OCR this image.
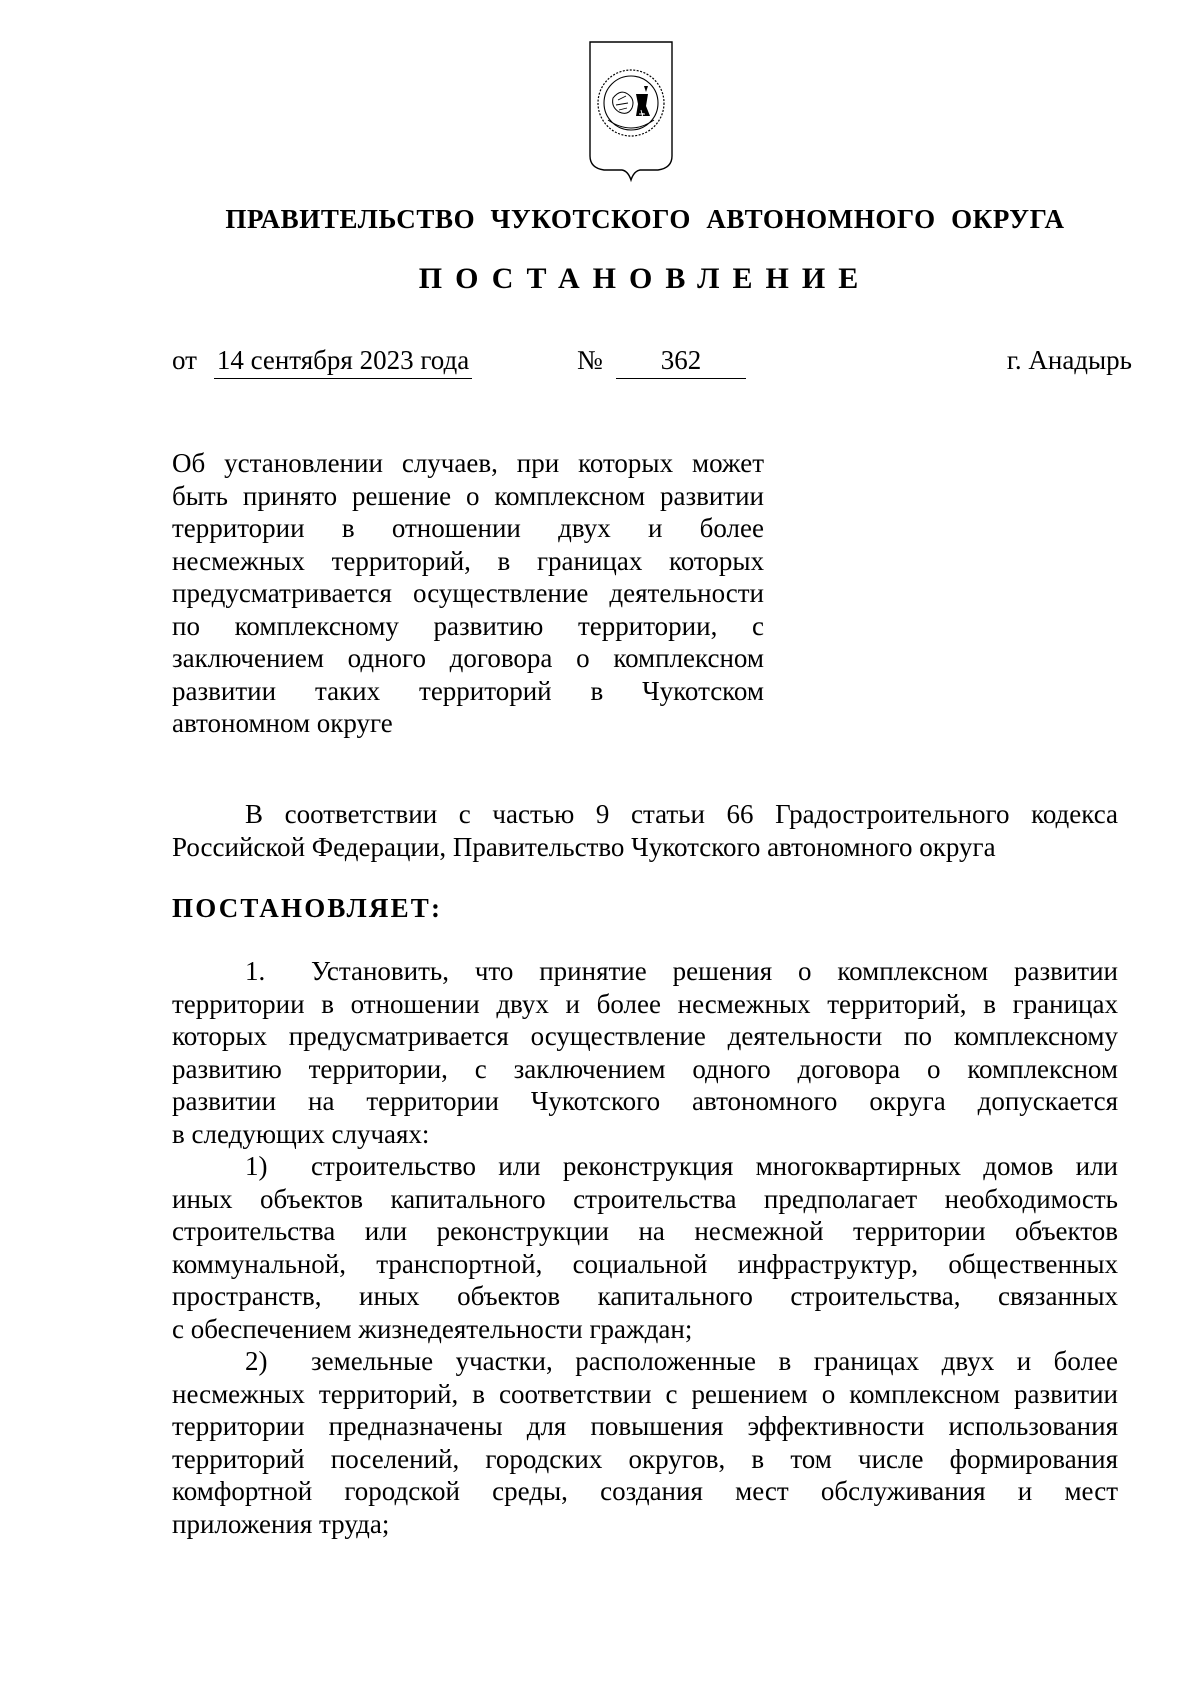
ПРАВИТЕЛЬСТВО ЧУКОТСКОГО АВТОНОМНОГО ОКРУГА
ПОСТАНОВЛЕНИЕ
от 14 сентября 2023 года	№	362	г. Анадырь
Об установлении случаев, при которых может
быть принято решение о комплексном развитии
территории в отношении двух и более
несмежных территорий, в границах которых
предусматривается осуществление деятельности
по комплексному развитию территории, с
заключением одного договора о комплексном
развитии таких территорий в Чукотском
автономном округе
В соответствии с частью 9 статьи 66 Градостроительного кодекса Российской Федерации, Правительство Чукотского автономного округа
ПОСТАНОВЛЯЕТ:
1. Установить, что принятие решения о комплексном развитии
территории в отношении двух и более несмежных территорий, в границах
которых предусматривается осуществление деятельности по комплексному
развитию территории, с заключением одного договора о комплексном
развитии на территории Чукотского автономного округа допускается
в следующих случаях:
1) строительство или реконструкция многоквартирных домов или
иных объектов капитального строительства предполагает необходимость
строительства или реконструкции на несмежной территории объектов
коммунальной, транспортной, социальной инфраструктур, общественных
пространств, иных объектов капитального строительства, связанных
с обеспечением жизнедеятельности граждан;
2) земельные участки, расположенные в границах двух и более
несмежных территорий, в соответствии с решением о комплексном развитии
территории предназначены для повышения эффективности использования
территорий поселений, городских округов, в том числе формирования
комфортной городской среды, создания мест обслуживания и мест
приложения труда;
